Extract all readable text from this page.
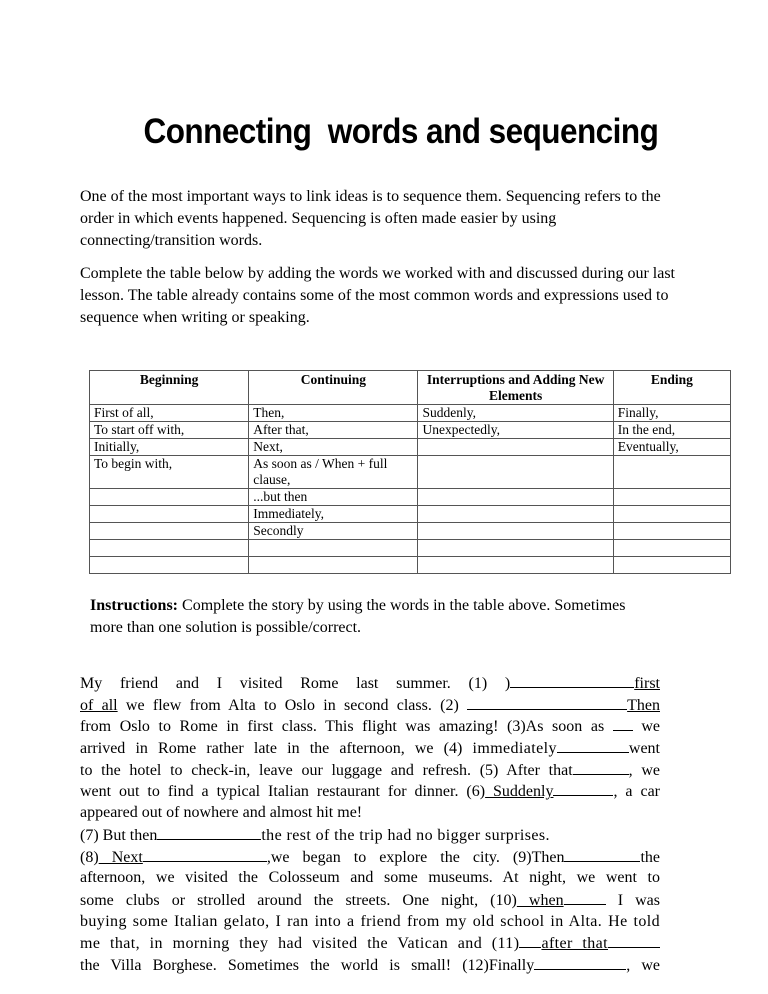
Connecting  words and sequencing
One of the most important ways to link ideas is to sequence them. Sequencing refers to the order in which events happened. Sequencing is often made easier by using connecting/transition words.
Complete the table below by adding the words we worked with and discussed during our last lesson. The table already contains some of the most common words and expressions used to sequence when writing or speaking.
Beginning	Continuing	Interruptions and Adding New Elements	Ending
First of all,	Then,	Suddenly,	Finally,
To start off with,	After that,	Unexpectedly,	In the end,
Initially,	Next,		Eventually,
To begin with,	As soon as / When + full clause,		
	...but then		
	Immediately,		
	Secondly		

Instructions: Complete the story by using the words in the table above. Sometimes more than one solution is possible/correct.
My friend and I visited Rome last summer. (1) )	first
of all we flew from Alta to Oslo in second class. (2)	Then
from Oslo to Rome in first class. This flight was amazing! (3)As soon as  we
arrived in Rome rather late in the afternoon, we (4) immediately	went
to the hotel to check-in, leave our luggage and refresh. (5) After that	, we
went out to find a typical Italian restaurant for dinner. (6) Suddenly	, a car
appeared out of nowhere and almost hit me!
(7) But then	the rest of the trip had no bigger surprises.
(8) Next	,we began to explore the city. (9)Then	the
afternoon, we visited the Colosseum and some museums. At night, we went to
some clubs or strolled around the streets. One night, (10) when	I was
buying some Italian gelato, I ran into a friend from my old school in Alta. He told
me that, in morning they had visited the Vatican and (11) after that
the Villa Borghese. Sometimes the world is small! (12)Finally	, we
